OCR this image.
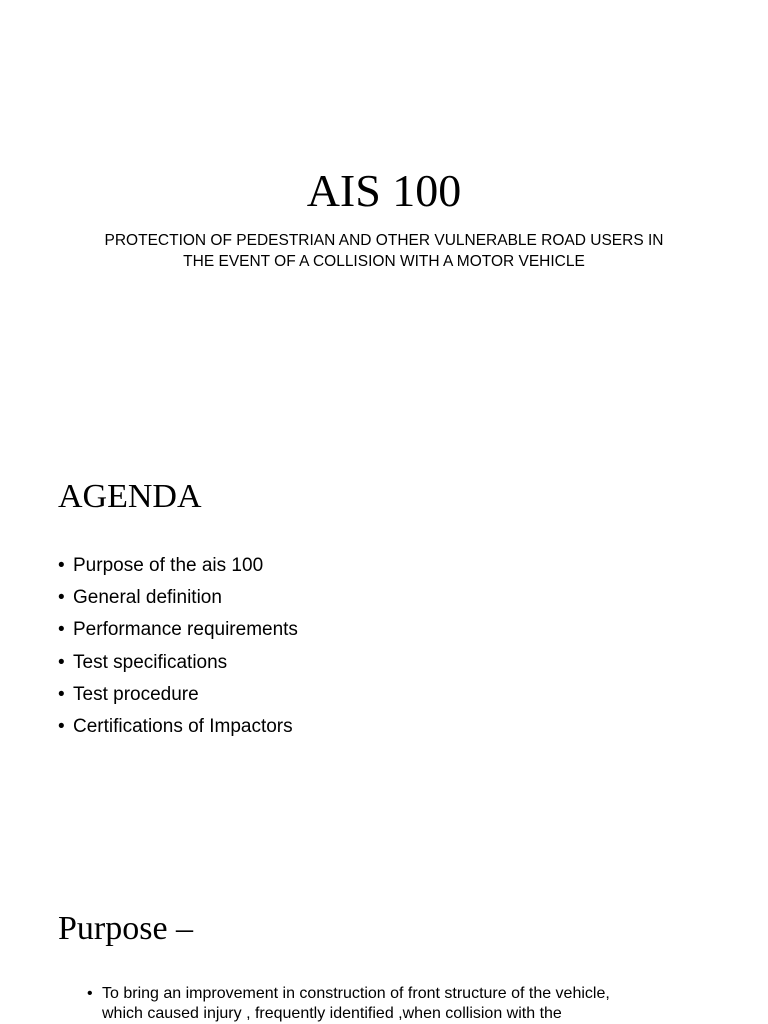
AIS 100

PROTECTION OF PEDESTRIAN AND OTHER VULNERABLE ROAD USERS IN
THE EVENT OF A COLLISION WITH A MOTOR VEHICLE

AGENDA
• Purpose of the ais 100
• General definition
• Performance requirements
• Test specifications
• Test procedure
• Certifications of Impactors
Purpose –
• To bring an improvement in construction of front structure of the vehicle,
which caused injury , frequently identified ,when collision with the
